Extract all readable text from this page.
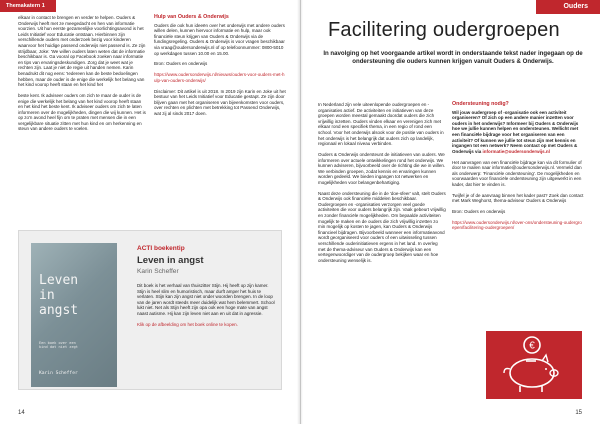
Themakatern 1

elkaar in contact te brengen en verder te helpen. Ouders & Onderwijs heeft met ze meegedacht en hen van informatie voorzien. Uit hun eerste gezamenlijke voorlichtingsavond is het Leids Initiatief voor Educatie ontstaan. Hierbinnen zijn verschillende ouders met onderzoek bezig voor kinderen waarvoor het huidige passend onderwijs niet passend is. Ze zijn strijdbaar, Joke: 'We willen ouders laten weten dat de informatie beschikbaar is. Ga vooral op Facebook zoeken naar informatie en tips van ervaringsdeskundigen. Zorg dat je weet wat je rechten zijn. Laat je niet de regie uit handen nemen. Karin benadrukt dit nog eens: 'Iedereen kan de beste bedoelingen hebben, maar de ouder is de enige die werkelijk het belang van het kind voorop heeft staan en het kind het

beste kent. Ik adviseer ouders om zich te maar de ouder is de enige die werkelijk het belang van het kind voorop heeft staan en het kind het beste kent. Ik adviseer ouders om zich te laten informeren over de mogelijkheden, dingen die wij kunnen. Het is op zo'n avond heel fijn om te praten met mensen die in een vergelijkbare situatie zitten met hun kind en om herkenning en steun van andere ouders te voelen.

Hulp van Ouders & Onderwijs

Ouders die ook hun ideeën over het onderwijs met andere ouders willen delen, kunnen hiervoor informatie en hulp, maar ook financiële steun krijgen van Ouders & Onderwijs via de fundingsregeling. Ouders & Onderwijs is voor vragen beschikbaar via vraag@oudersonderwijs.nl of op telefoonnummer: 0800-5010 op werkdagen tussen 10.00 en 15.00.

Bron: Ouders en onderwijs

https://www.oudersonderwijs.nl/nieuws/ouders-voor-ouders-met-hulp-van-ouders-onderwijs/

Disclaimer: Dit artikel is uit 2018. In 2019 zijn Karin en Joke uit het bestuur van het Leids Initiatief voor Educatie gestapt. Ze zijn door blijven gaan met het organiseren van bijeenkomsten voor ouders, over rechten en plichten met betrekking tot Passend Onderwijs, wat zij al sinds 2017 doen.

Leven
in
angst
Een boek over een
kind dat niet zegt
Karin Scheffer
ACTI boekentip
Leven in angst
Karin Scheffer

Dit boek is het verhaal van thuiszitter Stijn. Hij heeft op zijn kamer. Stijn is heel slim en humoristisch, maar durft amper het huis te verlaten. Stijn kan zijn angst niet onder woorden brengen. In de loop van de jaren wordt steeds meer duidelijk wat hem belemmert. School lukt niet. Net als Stijn heeft zijn opa ook een hoge mate van angst naast autisme. Hij kan zijn leven niet aan en uit dat in agressie.

Klik op de afbeelding om het boek online te kopen.

14
Ouders
15
Facilitering oudergroepen
In navolging op het voorgaande artikel wordt in onderstaande tekst nader ingegaan op de ondersteuning die ouders kunnen krijgen vanuit Ouders & Onderwijs.

In Nederland zijn vele uiteenlopende oudergroepen en -organisaties actief. De activiteiten en initiatieven van deze groepen worden meestal gemaakt doordat ouders die zich vrijwillig inzetten. Ouders vinden elkaar en verenigen zich met elkaar rond een specifiek thema, in een regio of rond een school. Voor het onderwijs alsook voor de positie van ouders in het onderwijs is het belangrijk dat ouders zich op landelijk, regionaal en lokaal niveau verbinden.

Ouders & Onderwijs ondersteunt de initiatieven van ouders. We informeren over actuele ontwikkelingen rond het onderwijs. We kunnen adviseren, bijvoorbeeld over de richting die we in willen. We verbinden groepen, zodat kennis en ervaringen kunnen worden gedeeld. We bieden ingangen tot netwerken en mogelijkheden voor belangenbehartiging.

Naast deze ondersteuning die in de 'doe-sfeer' valt, stelt Ouders & Onderwijs ook financiële middelen beschikbaar. Oudergroepen en -organisaties verzorgen veel goede activiteiten die voor ouders belangrijk zijn. Vaak gebeurt vrijwillig en zonder financiële mogelijkheden. Om bepaalde activiteiten mogelijk te maken en de ouders die zich vrijwillig inzetten zo min mogelijk op kosten te jagen, kan Ouders & Onderwijs financieel bijdragen. Bijvoorbeeld wanneer een informatieavond wordt georganiseerd voor ouders of een uitwisseling tussen verschillende ouderinitiatieven ergens in het land. In overleg met de thema-adviseur van Ouders & Onderwijs kan een vertegenwoordiger van de oudergroep bekijken waar en hoe ondersteuning wenselijk is.

Ondersteuning nodig?

Wil jouw oudergroep of -organisatie ook een activiteit organiseren? Of zich op een andere manier inzetten voor ouders in het onderwijs? Informeer bij Ouders & Onderwijs hoe we jullie kunnen helpen en ondersteunen. Wellicht met een financiële bijdrage voor het organiseren van een activiteit? Of kunnen we jullie tot steun zijn met kennis en ingangen tot een netwerk? Neem contact op met Ouders & Onderwijs via informatie@oudersonderwijs.nl

Het aanvragen van een financiële bijdrage kan via dit formulier of door te mailen naar informatie@oudersonderwijs.nl. Vermeld dan als onderwerp: 'Financiële ondersteuning'. De mogelijkheden en voorwaarden voor financiële ondersteuning zijn uitgewerkt in een kader, dat hier te vinden is.

Twijfel je of de aanvraag binnen het kader past? Zoek dan contact met Mark Weghorst, thema-adviseur Ouders & Onderwijs

Bron: Ouders en onderwijs

https://www.oudersonderwijs.nl/over-ons/ondersteuning-oudergroepen/facilitering-oudergroepen/

€
